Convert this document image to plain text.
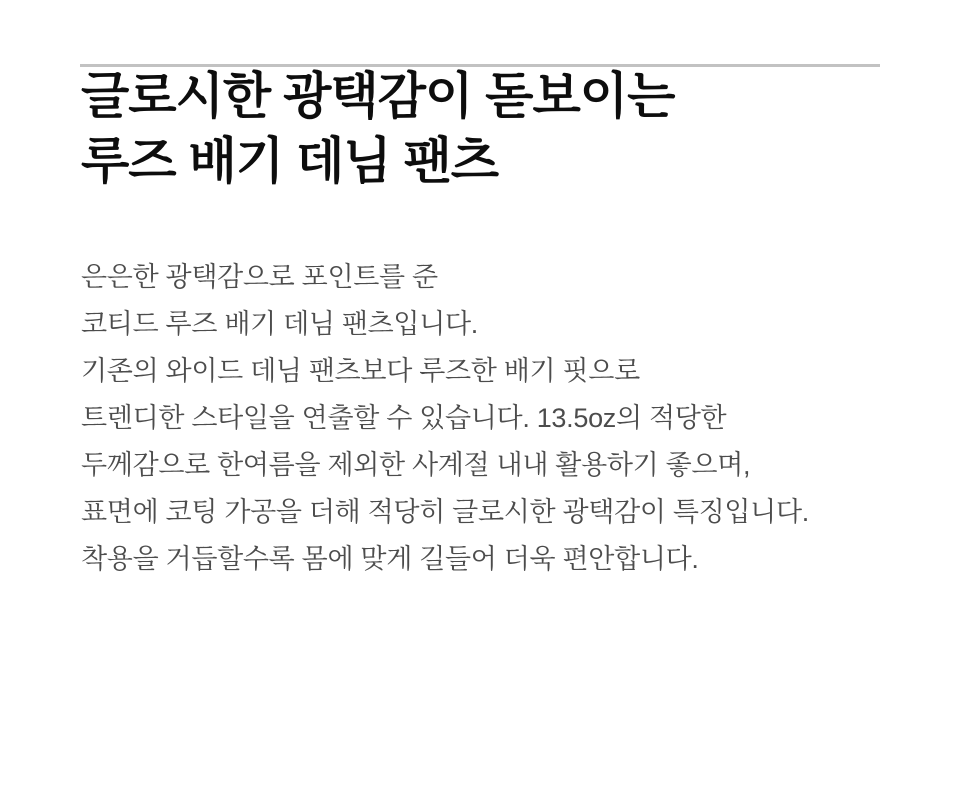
글로시한 광택감이 돋보이는
루즈 배기 데님 팬츠

은은한 광택감으로 포인트를 준
코티드 루즈 배기 데님 팬츠입니다.
기존의 와이드 데님 팬츠보다 루즈한 배기 핏으로
트렌디한 스타일을 연출할 수 있습니다. 13.5oz의 적당한
두께감으로 한여름을 제외한 사계절 내내 활용하기 좋으며,
표면에 코팅 가공을 더해 적당히 글로시한 광택감이 특징입니다.
착용을 거듭할수록 몸에 맞게 길들어 더욱 편안합니다.
